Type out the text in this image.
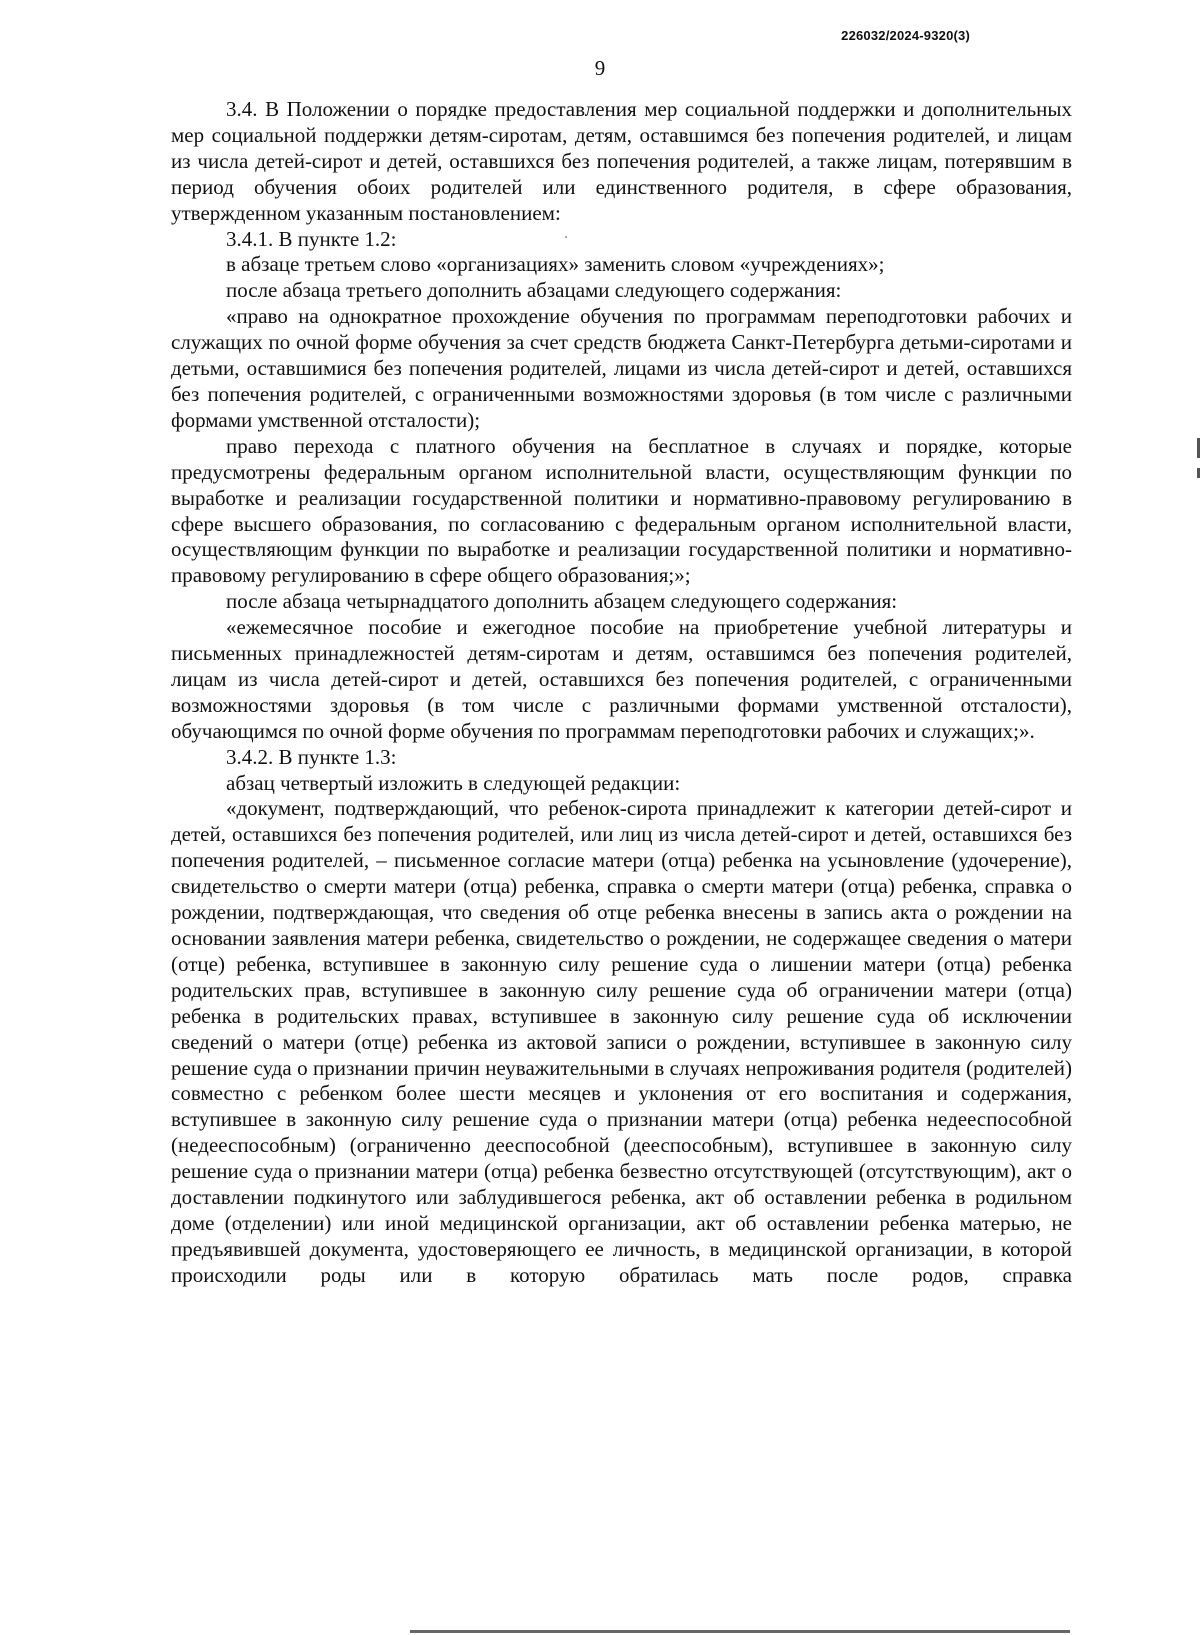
226032/2024-9320(3)
9

3.4. В Положении о порядке предоставления мер социальной поддержки и дополнительных мер социальной поддержки детям-сиротам, детям, оставшимся без попечения родителей, и лицам из числа детей-сирот и детей, оставшихся без попечения родителей, а также лицам, потерявшим в период обучения обоих родителей или единственного родителя, в сфере образования, утвержденном указанным постановлением:

3.4.1. В пункте 1.2:

в абзаце третьем слово «организациях» заменить словом «учреждениях»;

после абзаца третьего дополнить абзацами следующего содержания:

«право на однократное прохождение обучения по программам переподготовки рабочих и служащих по очной форме обучения за счет средств бюджета Санкт-Петербурга детьми-сиротами и детьми, оставшимися без попечения родителей, лицами из числа детей-сирот и детей, оставшихся без попечения родителей, с ограниченными возможностями здоровья (в том числе с различными формами умственной отсталости);

право перехода с платного обучения на бесплатное в случаях и порядке, которые предусмотрены федеральным органом исполнительной власти, осуществляющим функции по выработке и реализации государственной политики и нормативно-правовому регулированию в сфере высшего образования, по согласованию с федеральным органом исполнительной власти, осуществляющим функции по выработке и реализации государственной политики и нормативно-правовому регулированию в сфере общего образования;»;

после абзаца четырнадцатого дополнить абзацем следующего содержания:

«ежемесячное пособие и ежегодное пособие на приобретение учебной литературы и письменных принадлежностей детям-сиротам и детям, оставшимся без попечения родителей, лицам из числа детей-сирот и детей, оставшихся без попечения родителей, с ограниченными возможностями здоровья (в том числе с различными формами умственной отсталости), обучающимся по очной форме обучения по программам переподготовки рабочих и служащих;».

3.4.2. В пункте 1.3:

абзац четвертый изложить в следующей редакции:

«документ, подтверждающий, что ребенок-сирота принадлежит к категории детей-сирот и детей, оставшихся без попечения родителей, или лиц из числа детей-сирот и детей, оставшихся без попечения родителей, – письменное согласие матери (отца) ребенка на усыновление (удочерение), свидетельство о смерти матери (отца) ребенка, справка о смерти матери (отца) ребенка, справка о рождении, подтверждающая, что сведения об отце ребенка внесены в запись акта о рождении на основании заявления матери ребенка, свидетельство о рождении, не содержащее сведения о матери (отце) ребенка, вступившее в законную силу решение суда о лишении матери (отца) ребенка родительских прав, вступившее в законную силу решение суда об ограничении матери (отца) ребенка в родительских правах, вступившее в законную силу решение суда об исключении сведений о матери (отце) ребенка из актовой записи о рождении, вступившее в законную силу решение суда о признании причин неуважительными в случаях непроживания родителя (родителей) совместно с ребенком более шести месяцев и уклонения от его воспитания и содержания, вступившее в законную силу решение суда о признании матери (отца) ребенка недееспособной (недееспособным) (ограниченно дееспособной (дееспособным), вступившее в законную силу решение суда о признании матери (отца) ребенка безвестно отсутствующей (отсутствующим), акт о доставлении подкинутого или заблудившегося ребенка, акт об оставлении ребенка в родильном доме (отделении) или иной медицинской организации, акт об оставлении ребенка матерью, не предъявившей документа, удостоверяющего ее личность, в медицинской организации, в которой происходили роды или в которую обратилась мать после родов, справка
